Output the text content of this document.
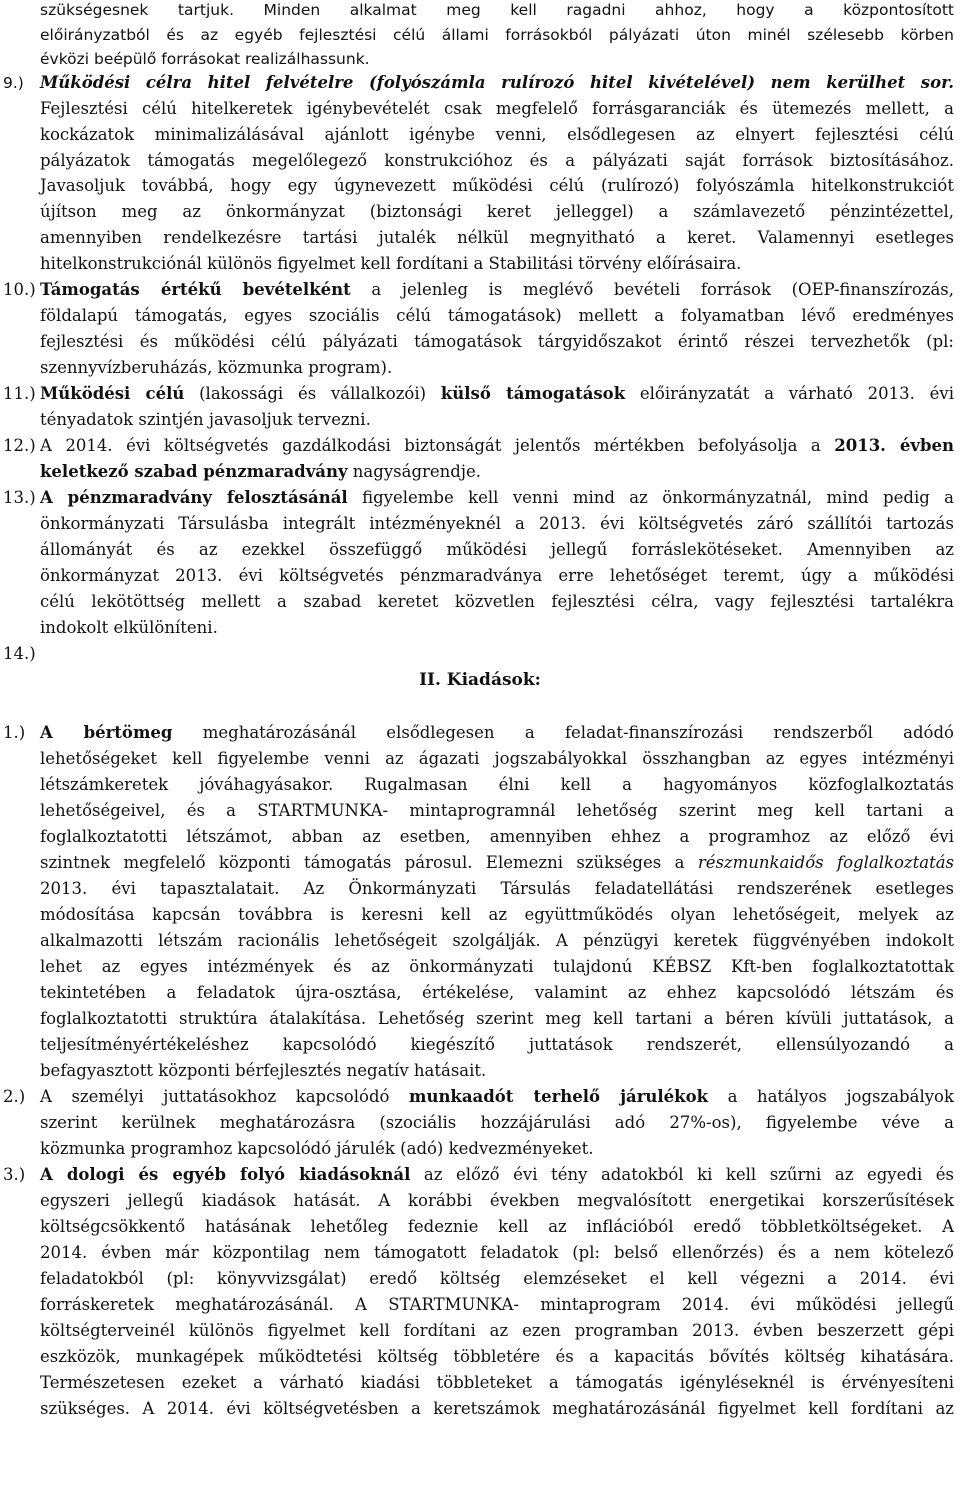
szükségesnek tartjuk. Minden alkalmat meg kell ragadni ahhoz, hogy a központosított
előirányzatból és az egyéb fejlesztési célú állami forrásokból pályázati úton minél szélesebb körben
évközi beépülő forrásokat realizálhassunk.
9.) Működési célra hitel felvételre (folyószámla rulírozó hitel kivételével) nem kerülhet sor.
Fejlesztési célú hitelkeretek igénybevételét csak megfelelő forrásgaranciák és ütemezés mellett, a
kockázatok minimalizálásával ajánlott igénybe venni, elsődlegesen az elnyert fejlesztési célú
pályázatok támogatás megelőlegező konstrukcióhoz és a pályázati saját források biztosításához.
Javasoljuk továbbá, hogy egy úgynevezett működési célú (rulírozó) folyószámla hitelkonstrukciót
újítson meg az önkormányzat (biztonsági keret jelleggel) a számlavezető pénzintézettel,
amennyiben rendelkezésre tartási jutalék nélkül megnyitható a keret. Valamennyi esetleges
hitelkonstrukciónál különös figyelmet kell fordítani a Stabilitási törvény előírásaira.
10.) Támogatás értékű bevételként a jelenleg is meglévő bevételi források (OEP-finanszírozás,
földalapú támogatás, egyes szociális célú támogatások) mellett a folyamatban lévő eredményes
fejlesztési és működési célú pályázati támogatások tárgyidőszakot érintő részei tervezhetők (pl:
szennyvízberuházás, közmunka program).
11.) Működési célú (lakossági és vállalkozói) külső támogatások előirányzatát a várható 2013. évi
tényadatok szintjén javasoljuk tervezni.
12.) A 2014. évi költségvetés gazdálkodási biztonságát jelentős mértékben befolyásolja a 2013. évben
keletkező szabad pénzmaradvány nagyságrendje.
13.) A pénzmaradvány felosztásánál figyelembe kell venni mind az önkormányzatnál, mind pedig a
önkormányzati Társulásba integrált intézményeknél a 2013. évi költségvetés záró szállítói tartozás
állományát és az ezekkel összefüggő működési jellegű forráslekötéseket. Amennyiben az
önkormányzat 2013. évi költségvetés pénzmaradványa erre lehetőséget teremt, úgy a működési
célú lekötöttség mellett a szabad keretet közvetlen fejlesztési célra, vagy fejlesztési tartalékra
indokolt elkülöníteni.
14.)
II. Kiadások:
1.) A bértömeg meghatározásánál elsődlegesen a feladat-finanszírozási rendszerből adódó
lehetőségeket kell figyelembe venni az ágazati jogszabályokkal összhangban az egyes intézményi
létszámkeretek jóváhagyásakor. Rugalmasan élni kell a hagyományos közfoglalkoztatás
lehetőségeivel, és a STARTMUNKA- mintaprogramnál lehetőség szerint meg kell tartani a
foglalkoztatotti létszámot, abban az esetben, amennyiben ehhez a programhoz az előző évi
szintnek megfelelő központi támogatás párosul. Elemezni szükséges a részmunkaidős foglalkoztatás
2013. évi tapasztalatait. Az Önkormányzati Társulás feladatellátási rendszerének esetleges
módosítása kapcsán továbbra is keresni kell az együttműködés olyan lehetőségeit, melyek az
alkalmazotti létszám racionális lehetőségeit szolgálják. A pénzügyi keretek függvényében indokolt
lehet az egyes intézmények és az önkormányzati tulajdonú KÉBSZ Kft-ben foglalkoztatottak
tekintetében a feladatok újra-osztása, értékelése, valamint az ehhez kapcsolódó létszám és
foglalkoztatotti struktúra átalakítása. Lehetőség szerint meg kell tartani a béren kívüli juttatások, a
teljesítményértékeléshez kapcsolódó kiegészítő juttatások rendszerét, ellensúlyozandó a
befagyasztott központi bérfejlesztés negatív hatásait.
2.) A személyi juttatásokhoz kapcsolódó munkaadót terhelő járulékok a hatályos jogszabályok
szerint kerülnek meghatározásra (szociális hozzájárulási adó 27%-os), figyelembe véve a
közmunka programhoz kapcsolódó járulék (adó) kedvezményeket.
3.) A dologi és egyéb folyó kiadásoknál az előző évi tény adatokból ki kell szűrni az egyedi és
egyszeri jellegű kiadások hatását. A korábbi években megvalósított energetikai korszerűsítések
költségcsökkentő hatásának lehetőleg fedeznie kell az inflációból eredő többletköltségeket. A
2014. évben már központilag nem támogatott feladatok (pl: belső ellenőrzés) és a nem kötelező
feladatokból (pl: könyvvizsgálat) eredő költség elemzéseket el kell végezni a 2014. évi
forráskeretek meghatározásánál. A STARTMUNKA- mintaprogram 2014. évi működési jellegű
költségterveinél különös figyelmet kell fordítani az ezen programban 2013. évben beszerzett gépi
eszközök, munkagépek működtetési költség többletére és a kapacitás bővítés költség kihatására.
Természetesen ezeket a várható kiadási többleteket a támogatás igényléseknél is érvényesíteni
szükséges. A 2014. évi költségvetésben a keretszámok meghatározásánál figyelmet kell fordítani az
